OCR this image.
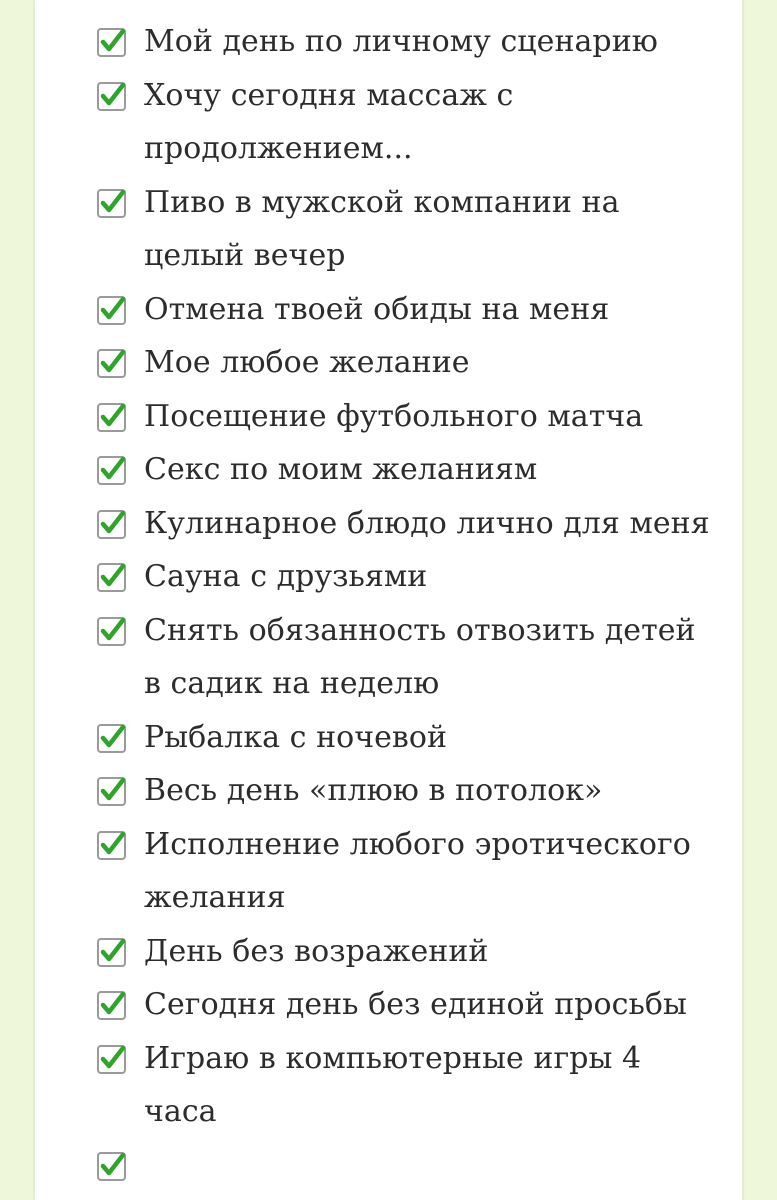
Мой день по личному сценарию
Хочу сегодня массаж с продолжением...
Пиво в мужской компании на целый вечер
Отмена твоей обиды на меня
Мое любое желание
Посещение футбольного матча
Секс по моим желаниям
Кулинарное блюдо лично для меня
Сауна с друзьями
Снять обязанность отвозить детей в садик на неделю
Рыбалка с ночевой
Весь день «плюю в потолок»
Исполнение любого эротического желания
День без возражений
Сегодня день без единой просьбы
Играю в компьютерные игры 4 часа
